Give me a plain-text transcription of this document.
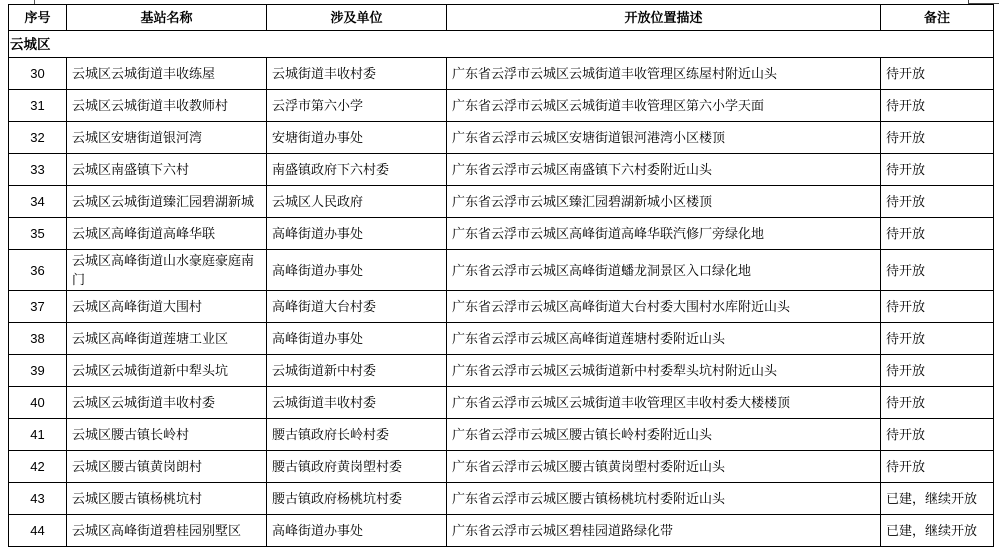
序号	基站名称	涉及单位	开放位置描述	备注
云城区				
30	云城区云城街道丰收练屋	云城街道丰收村委	广东省云浮市云城区云城街道丰收管理区练屋村附近山头	待开放
31	云城区云城街道丰收教师村	云浮市第六小学	广东省云浮市云城区云城街道丰收管理区第六小学天面	待开放
32	云城区安塘街道银河湾	安塘街道办事处	广东省云浮市云城区安塘街道银河港湾小区楼顶	待开放
33	云城区南盛镇下六村	南盛镇政府下六村委	广东省云浮市云城区南盛镇下六村委附近山头	待开放
34	云城区云城街道臻汇园碧湖新城	云城区人民政府	广东省云浮市云城区臻汇园碧湖新城小区楼顶	待开放
35	云城区高峰街道高峰华联	高峰街道办事处	广东省云浮市云城区高峰街道高峰华联汽修厂旁绿化地	待开放
36	云城区高峰街道山水豪庭豪庭南门	高峰街道办事处	广东省云浮市云城区高峰街道蟠龙洞景区入口绿化地	待开放
37	云城区高峰街道大围村	高峰街道大台村委	广东省云浮市云城区高峰街道大台村委大围村水库附近山头	待开放
38	云城区高峰街道莲塘工业区	高峰街道办事处	广东省云浮市云城区高峰街道莲塘村委附近山头	待开放
39	云城区云城街道新中犁头坑	云城街道新中村委	广东省云浮市云城区云城街道新中村委犁头坑村附近山头	待开放
40	云城区云城街道丰收村委	云城街道丰收村委	广东省云浮市云城区云城街道丰收管理区丰收村委大楼楼顶	待开放
41	云城区腰古镇长岭村	腰古镇政府长岭村委	广东省云浮市云城区腰古镇长岭村委附近山头	待开放
42	云城区腰古镇黄岗朗村	腰古镇政府黄岗塱村委	广东省云浮市云城区腰古镇黄岗塱村委附近山头	待开放
43	云城区腰古镇杨桃坑村	腰古镇政府杨桃坑村委	广东省云浮市云城区腰古镇杨桃坑村委附近山头	已建，继续开放
44	云城区高峰街道碧桂园别墅区	高峰街道办事处	广东省云浮市云城区碧桂园道路绿化带	已建，继续开放
